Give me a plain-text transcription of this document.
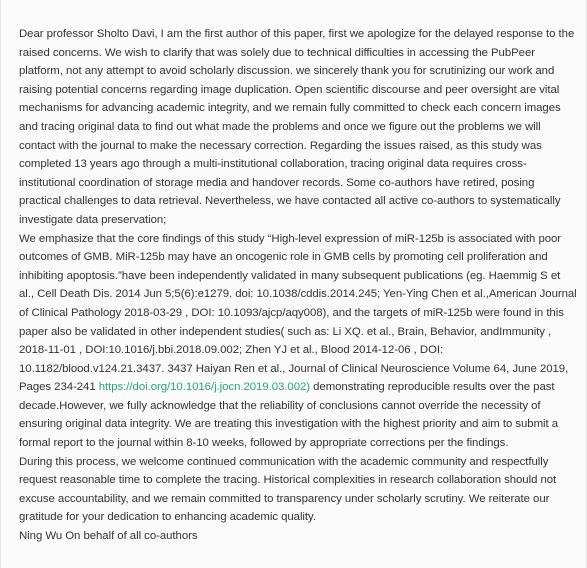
Dear professor Sholto Davi, I am the first author of this paper, first we apologize for the delayed response to the raised concerns. We wish to clarify that was solely due to technical difficulties in accessing the PubPeer platform, not any attempt to avoid scholarly discussion. we sincerely thank you for scrutinizing our work and raising potential concerns regarding image duplication. Open scientific discourse and peer oversight are vital mechanisms for advancing academic integrity, and we remain fully committed to check each concern images and tracing original data to find out what made the problems and once we figure out the problems we will contact with the journal to make the necessary correction. Regarding the issues raised, as this study was completed 13 years ago through a multi-institutional collaboration, tracing original data requires cross-institutional coordination of storage media and handover records. Some co-authors have retired, posing practical challenges to data retrieval. Nevertheless, we have contacted all active co-authors to systematically investigate data preservation;

We emphasize that the core findings of this study “High-level expression of miR-125b is associated with poor outcomes of GMB. MiR-125b may have an oncogenic role in GMB cells by promoting cell proliferation and inhibiting apoptosis.”have been independently validated in many subsequent publications (eg. Haemmig S et al., Cell Death Dis. 2014 Jun 5;5(6):e1279. doi: 10.1038/cddis.2014.245; Yen-Ying Chen et al.,American Journal of Clinical Pathology 2018-03-29 , DOI: 10.1093/ajcp/aqy008), and the targets of miR-125b were found in this paper also be validated in other independent studies( such as: Li XQ. et al., Brain, Behavior, andImmunity , 2018-11-01 , DOI:10.1016/j.bbi.2018.09.002; Zhen YJ et al., Blood 2014-12-06 , DOI: 10.1182/blood.v124.21.3437. 3437 Haiyan Ren et al., Journal of Clinical Neuroscience Volume 64, June 2019, Pages 234-241 https://doi.org/10.1016/j.jocn.2019.03.002) demonstrating reproducible results over the past decade.However, we fully acknowledge that the reliability of conclusions cannot override the necessity of ensuring original data integrity. We are treating this investigation with the highest priority and aim to submit a formal report to the journal within 8-10 weeks, followed by appropriate corrections per the findings.

During this process, we welcome continued communication with the academic community and respectfully request reasonable time to complete the tracing. Historical complexities in research collaboration should not excuse accountability, and we remain committed to transparency under scholarly scrutiny. We reiterate our gratitude for your dedication to enhancing academic quality.

Ning Wu On behalf of all co-authors
